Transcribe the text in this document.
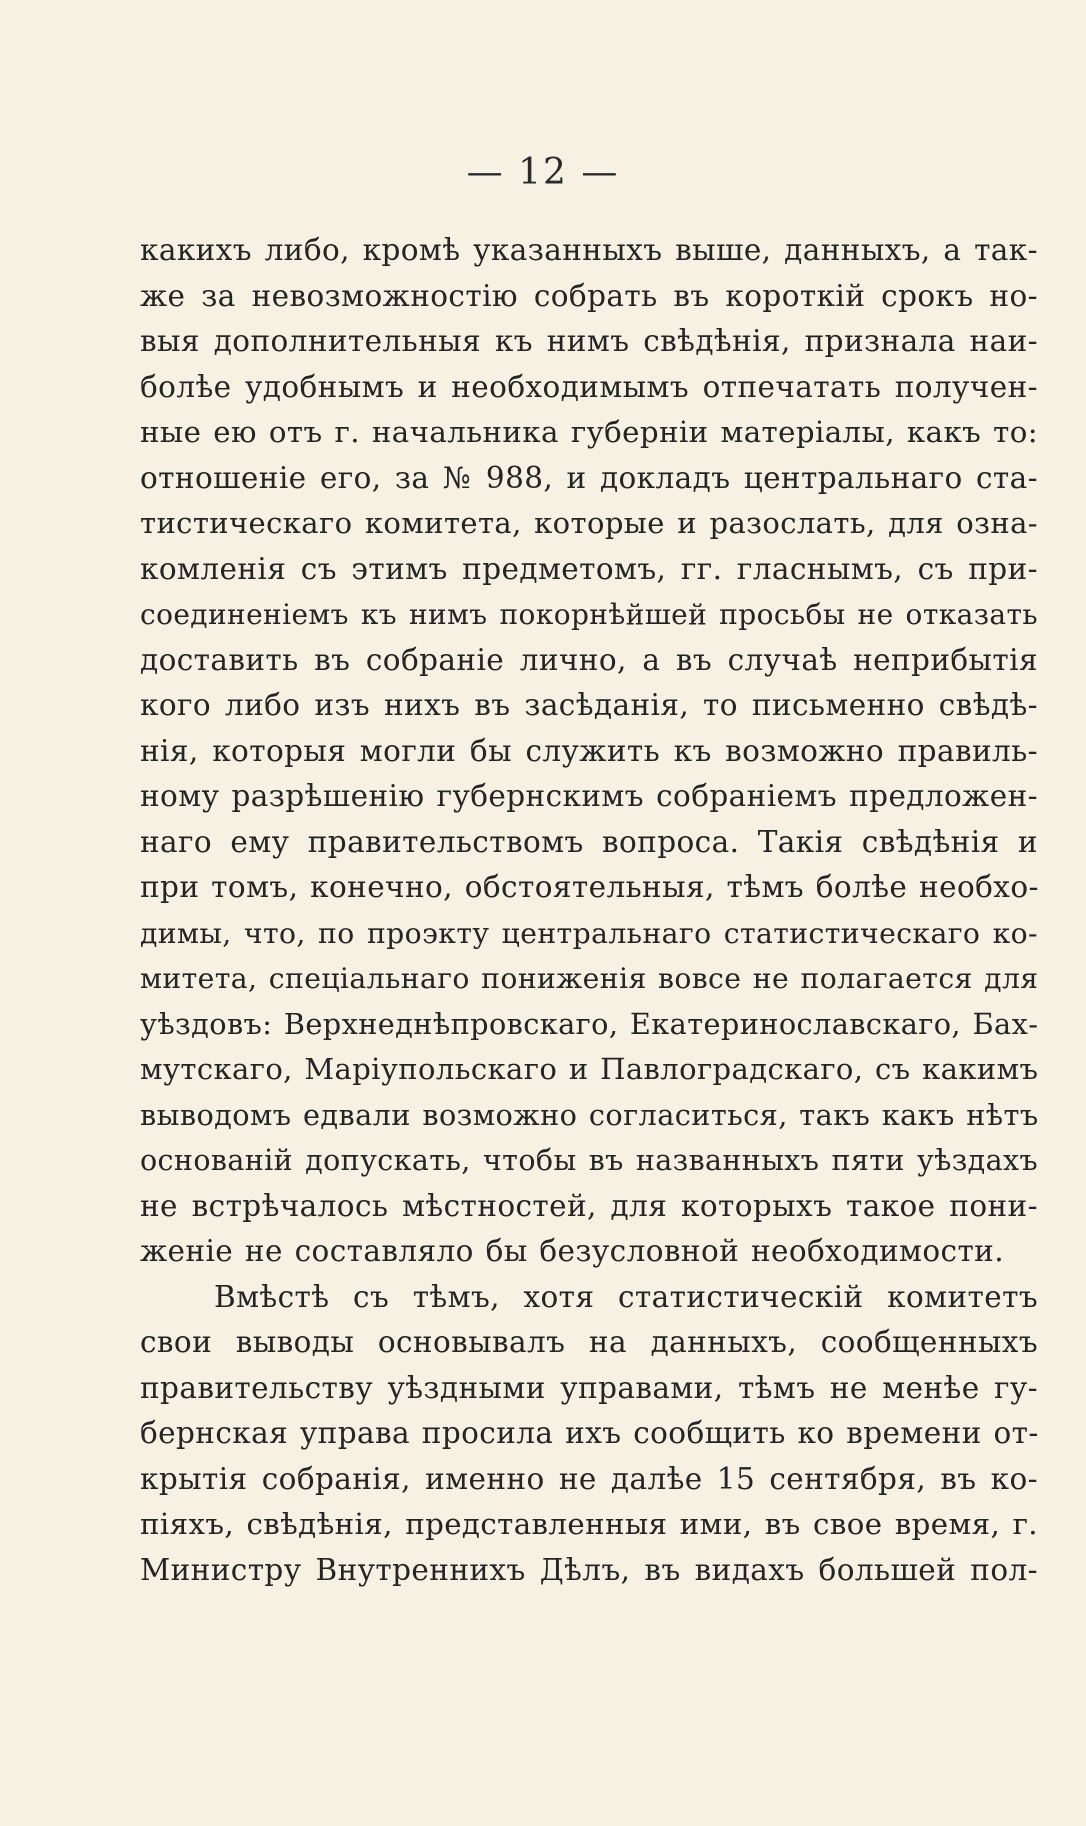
— 12 —
какихъ либо, кромѣ указанныхъ выше, данныхъ, а так-
же за невозможностію собрать въ короткій срокъ но-
выя дополнительныя къ нимъ свѣдѣнія, признала наи-
болѣе удобнымъ и необходимымъ отпечатать получен-
ные ею отъ г. начальника губерніи матеріалы, какъ то:
отношеніе его, за № 988, и докладъ центральнаго ста-
тистическаго комитета, которые и разослать, для озна-
комленія съ этимъ предметомъ, гг. гласнымъ, съ при-
соединеніемъ къ нимъ покорнѣйшей просьбы не отказать
доставить въ собраніе лично, а въ случаѣ неприбытія
кого либо изъ нихъ въ засѣданія, то письменно свѣдѣ-
нія, которыя могли бы служить къ возможно правиль-
ному разрѣшенію губернскимъ собраніемъ предложен-
наго ему правительствомъ вопроса. Такія свѣдѣнія и
при томъ, конечно, обстоятельныя, тѣмъ болѣе необхо-
димы, что, по проэкту центральнаго статистическаго ко-
митета, спеціальнаго пониженія вовсе не полагается для
уѣздовъ: Верхнеднѣпровскаго, Екатеринославскаго, Бах-
мутскаго, Маріупольскаго и Павлоградскаго, съ какимъ
выводомъ едвали возможно согласиться, такъ какъ нѣтъ
основаній допускать, чтобы въ названныхъ пяти уѣздахъ
не встрѣчалось мѣстностей, для которыхъ такое пони-
женіе не составляло бы безусловной необходимости.
Вмѣстѣ съ тѣмъ, хотя статистическій комитетъ
свои выводы основывалъ на данныхъ, сообщенныхъ
правительству уѣздными управами, тѣмъ не менѣе гу-
бернская управа просила ихъ сообщить ко времени от-
крытія собранія, именно не далѣе 15 сентября, въ ко-
піяхъ, свѣдѣнія, представленныя ими, въ свое время, г.
Министру Внутреннихъ Дѣлъ, въ видахъ большей пол-
